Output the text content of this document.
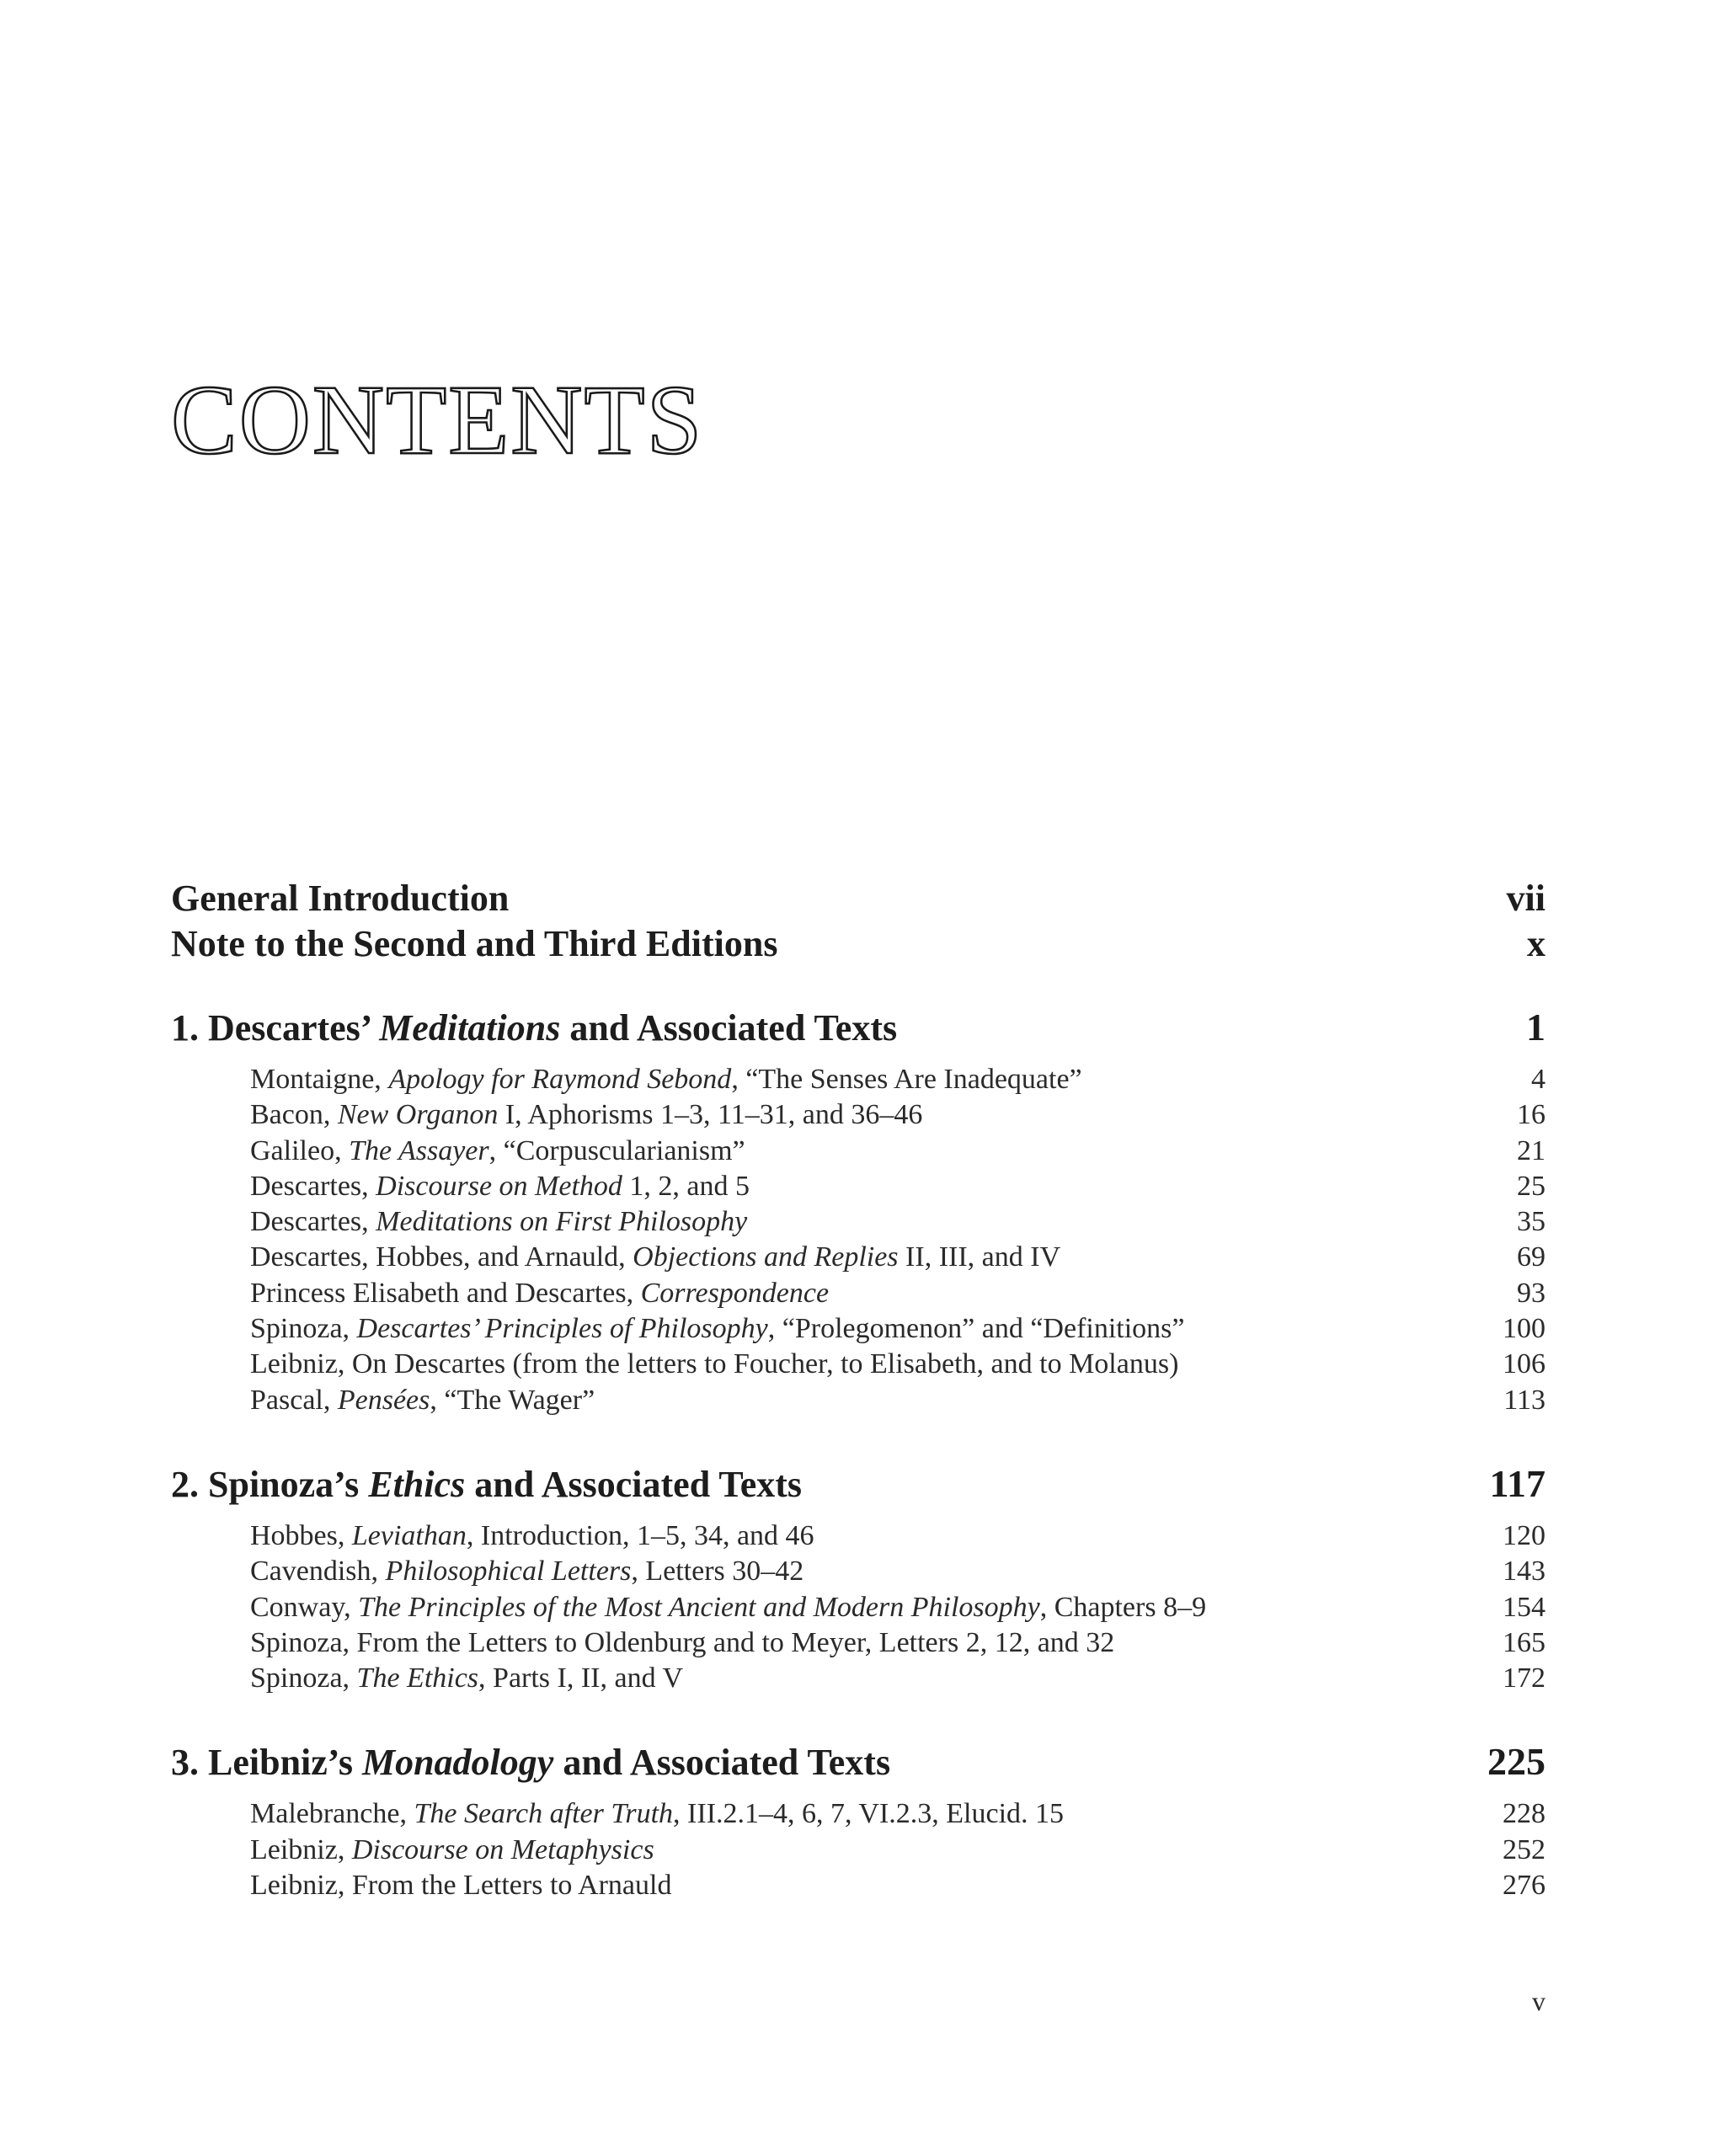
CONTENTS
General Introduction	vii
Note to the Second and Third Editions	x
1. Descartes’ Meditations and Associated Texts	1
Montaigne, Apology for Raymond Sebond, “The Senses Are Inadequate”	4
Bacon, New Organon I, Aphorisms 1–3, 11–31, and 36–46	16
Galileo, The Assayer, “Corpuscularianism”	21
Descartes, Discourse on Method 1, 2, and 5	25
Descartes, Meditations on First Philosophy	35
Descartes, Hobbes, and Arnauld, Objections and Replies II, III, and IV	69
Princess Elisabeth and Descartes, Correspondence	93
Spinoza, Descartes’ Principles of Philosophy, “Prolegomenon” and “Definitions”	100
Leibniz, On Descartes (from the letters to Foucher, to Elisabeth, and to Molanus)	106
Pascal, Pensées, “The Wager”	113
2. Spinoza’s Ethics and Associated Texts	117
Hobbes, Leviathan, Introduction, 1–5, 34, and 46	120
Cavendish, Philosophical Letters, Letters 30–42	143
Conway, The Principles of the Most Ancient and Modern Philosophy, Chapters 8–9	154
Spinoza, From the Letters to Oldenburg and to Meyer, Letters 2, 12, and 32	165
Spinoza, The Ethics, Parts I, II, and V	172
3. Leibniz’s Monadology and Associated Texts	225
Malebranche, The Search after Truth, III.2.1–4, 6, 7, VI.2.3, Elucid. 15	228
Leibniz, Discourse on Metaphysics	252
Leibniz, From the Letters to Arnauld	276
v
